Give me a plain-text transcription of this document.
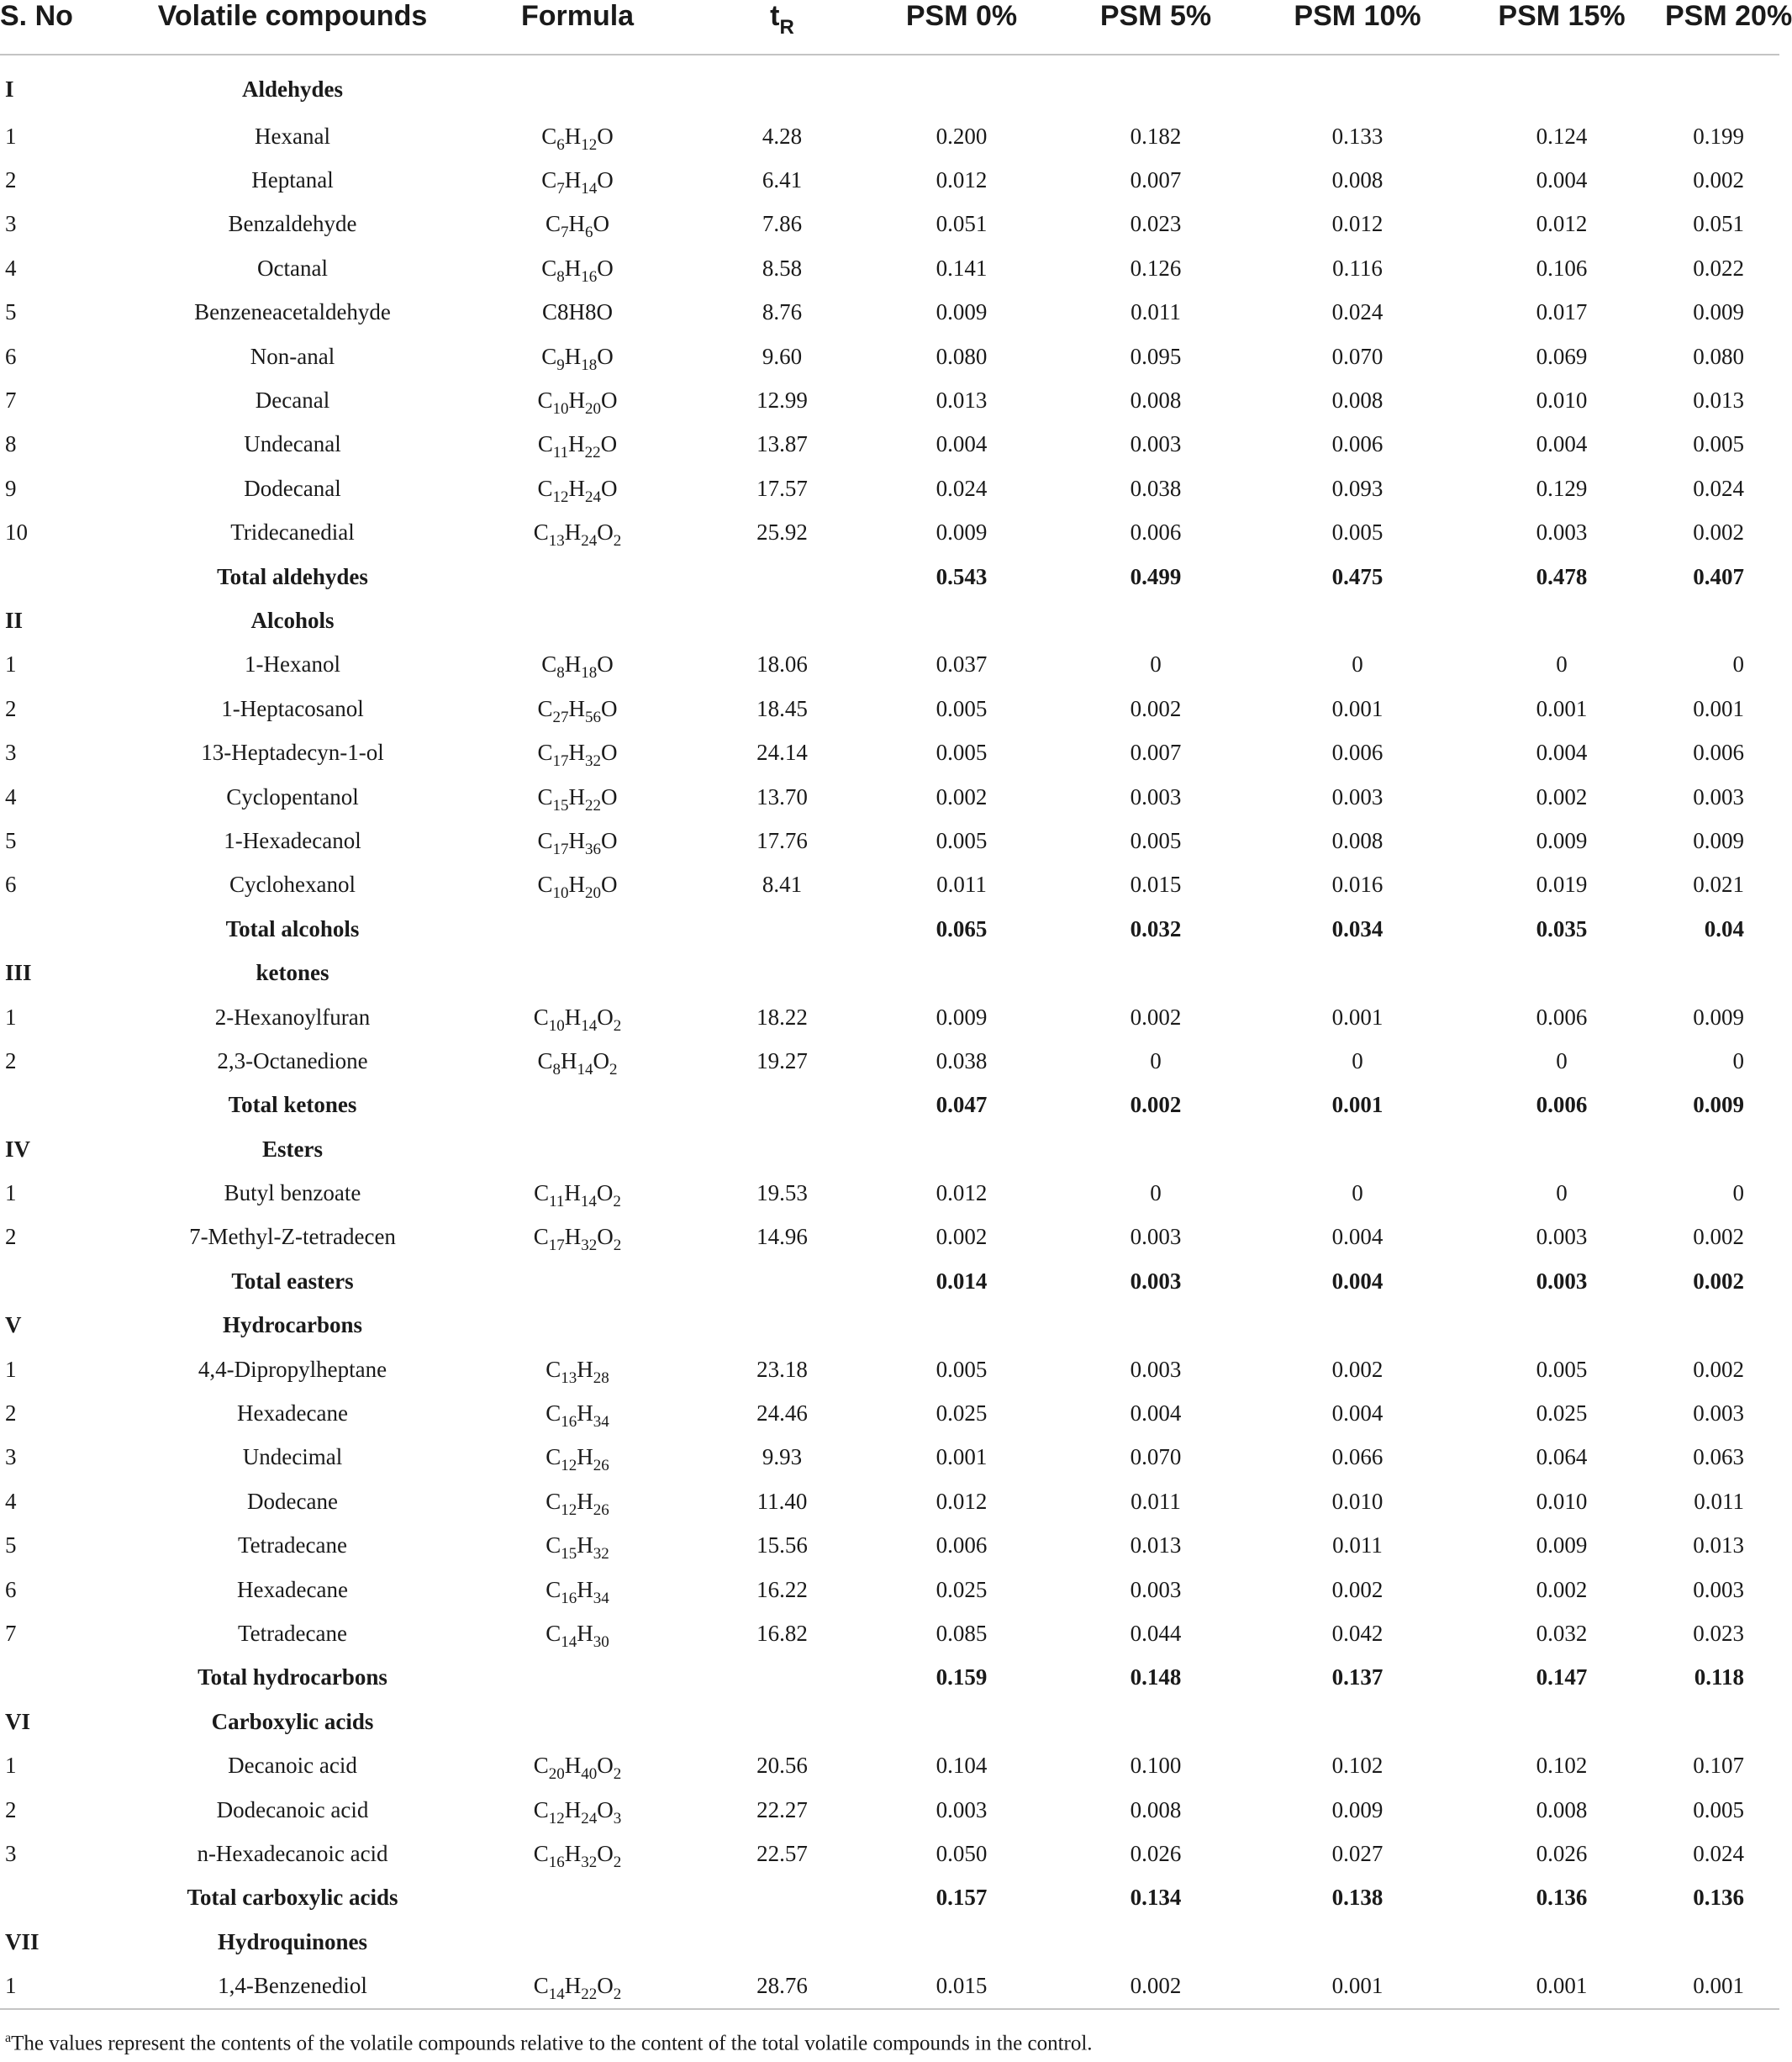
S. No	Volatile compounds	Formula	$t_R$	PSM 0%	PSM 5%	PSM 10%	PSM 15%	PSM 20%
I	Aldehydes							
1	Hexanal	$C_6H_{12}O$	4.28	0.200	0.182	0.133	0.124	0.199
2	Heptanal	$C_7H_{14}O$	6.41	0.012	0.007	0.008	0.004	0.002
3	Benzaldehyde	$C_7H_6O$	7.86	0.051	0.023	0.012	0.012	0.051
4	Octanal	$C_8H_{16}O$	8.58	0.141	0.126	0.116	0.106	0.022
5	Benzeneacetaldehyde	C8H8O	8.76	0.009	0.011	0.024	0.017	0.009
6	Non-anal	$C_9H_{18}O$	9.60	0.080	0.095	0.070	0.069	0.080
7	Decanal	$C_{10}H_{20}O$	12.99	0.013	0.008	0.008	0.010	0.013
8	Undecanal	$C_{11}H_{22}O$	13.87	0.004	0.003	0.006	0.004	0.005
9	Dodecanal	$C_{12}H_{24}O$	17.57	0.024	0.038	0.093	0.129	0.024
10	Tridecanedial	$C_{13}H_{24}O_2$	25.92	0.009	0.006	0.005	0.003	0.002
	Total aldehydes			0.543	0.499	0.475	0.478	0.407
II	Alcohols							
1	1-Hexanol	$C_8H_{18}O$	18.06	0.037	0	0	0	0
2	1-Heptacosanol	$C_{27}H_{56}O$	18.45	0.005	0.002	0.001	0.001	0.001
3	13-Heptadecyn-1-ol	$C_{17}H_{32}O$	24.14	0.005	0.007	0.006	0.004	0.006
4	Cyclopentanol	$C_{15}H_{22}O$	13.70	0.002	0.003	0.003	0.002	0.003
5	1-Hexadecanol	$C_{17}H_{36}O$	17.76	0.005	0.005	0.008	0.009	0.009
6	Cyclohexanol	$C_{10}H_{20}O$	8.41	0.011	0.015	0.016	0.019	0.021
	Total alcohols			0.065	0.032	0.034	0.035	0.04
III	ketones							
1	2-Hexanoylfuran	$C_{10}H_{14}O_2$	18.22	0.009	0.002	0.001	0.006	0.009
2	2,3-Octanedione	$C_8H_{14}O_2$	19.27	0.038	0	0	0	0
	Total ketones			0.047	0.002	0.001	0.006	0.009
IV	Esters							
1	Butyl benzoate	$C_{11}H_{14}O_2$	19.53	0.012	0	0	0	0
2	7-Methyl-Z-tetradecen	$C_{17}H_{32}O_2$	14.96	0.002	0.003	0.004	0.003	0.002
	Total easters			0.014	0.003	0.004	0.003	0.002
V	Hydrocarbons							
1	4,4-Dipropylheptane	$C_{13}H_{28}$	23.18	0.005	0.003	0.002	0.005	0.002
2	Hexadecane	$C_{16}H_{34}$	24.46	0.025	0.004	0.004	0.025	0.003
3	Undecimal	$C_{12}H_{26}$	9.93	0.001	0.070	0.066	0.064	0.063
4	Dodecane	$C_{12}H_{26}$	11.40	0.012	0.011	0.010	0.010	0.011
5	Tetradecane	$C_{15}H_{32}$	15.56	0.006	0.013	0.011	0.009	0.013
6	Hexadecane	$C_{16}H_{34}$	16.22	0.025	0.003	0.002	0.002	0.003
7	Tetradecane	$C_{14}H_{30}$	16.82	0.085	0.044	0.042	0.032	0.023
	Total hydrocarbons			0.159	0.148	0.137	0.147	0.118
VI	Carboxylic acids							
1	Decanoic acid	$C_{20}H_{40}O_2$	20.56	0.104	0.100	0.102	0.102	0.107
2	Dodecanoic acid	$C_{12}H_{24}O_3$	22.27	0.003	0.008	0.009	0.008	0.005
3	n-Hexadecanoic acid	$C_{16}H_{32}O_2$	22.57	0.050	0.026	0.027	0.026	0.024
	Total carboxylic acids			0.157	0.134	0.138	0.136	0.136
VII	Hydroquinones							
1	1,4-Benzenediol	$C_{14}H_{22}O_2$	28.76	0.015	0.002	0.001	0.001	0.001
$^a$The values represent the contents of the volatile compounds relative to the content of the total volatile compounds in the control.
